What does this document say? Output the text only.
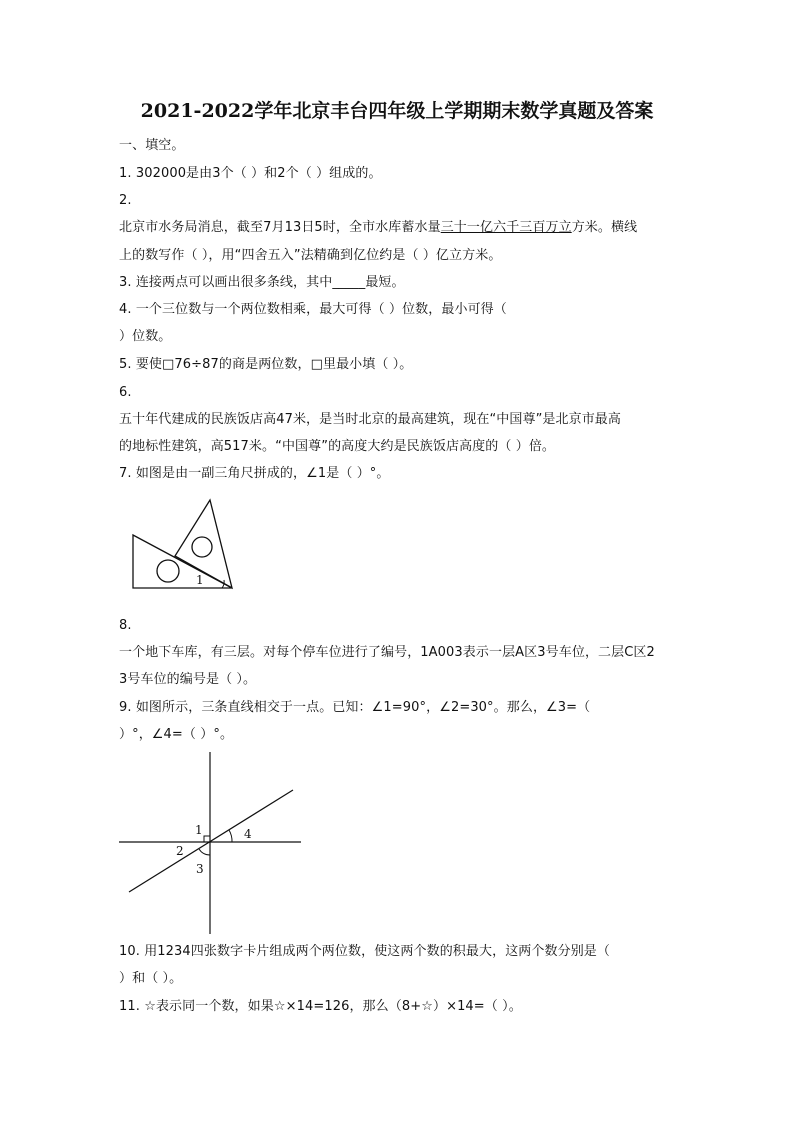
2021-2022学年北京丰台四年级上学期期末数学真题及答案
一、填空。
1. 302000是由3个（ ）和2个（ ）组成的。
2.
北京市水务局消息，截至7月13日5时，全市水库蓄水量三十一亿六千三百万立方米。横线
上的数写作（ ），用“四舍五入”法精确到亿位约是（ ）亿立方米。
3. 连接两点可以画出很多条线，其中_____最短。
4. 一个三位数与一个两位数相乘，最大可得（ ）位数，最小可得（
）位数。
5. 要使□76÷87的商是两位数，□里最小填（ ）。
6.
五十年代建成的民族饭店高47米，是当时北京的最高建筑，现在“中国尊”是北京市最高
的地标性建筑，高517米。“中国尊”的高度大约是民族饭店高度的（ ）倍。
7. 如图是由一副三角尺拼成的，∠1是（ ）°。
1
8.
一个地下车库，有三层。对每个停车位进行了编号，1A003表示一层A区3号车位，二层C区2
3号车位的编号是（ ）。
9. 如图所示，三条直线相交于一点。已知：∠1=90°，∠2=30°。那么，∠3=（
）°，∠4=（ ）°。
1
2
3
4
10. 用1234四张数字卡片组成两个两位数，使这两个数的积最大，这两个数分别是（
）和（ ）。
11. ☆表示同一个数，如果☆×14=126，那么（8+☆）×14=（ ）。
